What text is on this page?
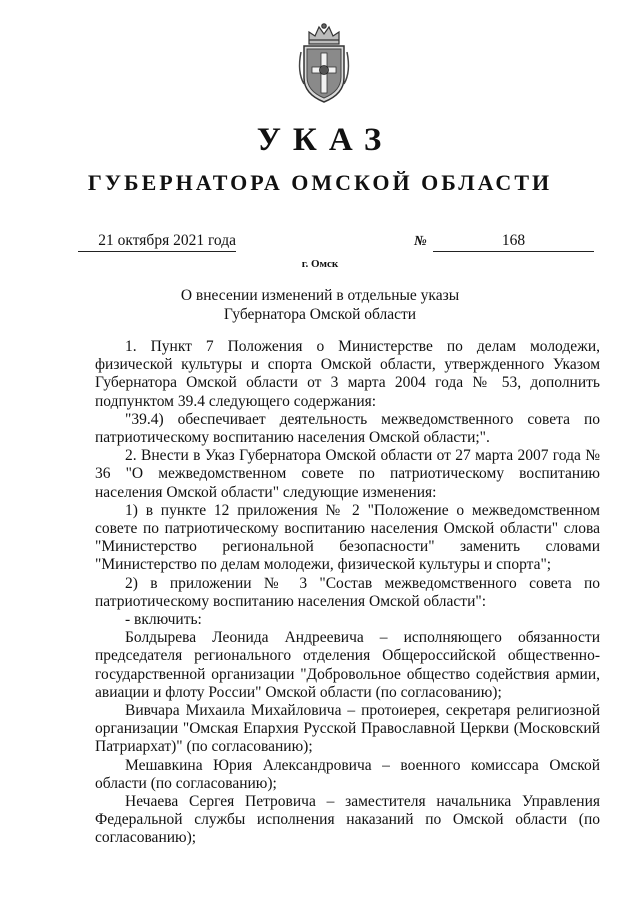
УКАЗ
ГУБЕРНАТОРА ОМСКОЙ ОБЛАСТИ
21 октября 2021 года	№	168
г. Омск
О внесении изменений в отдельные указы
Губернатора Омской области

1. Пункт 7 Положения о Министерстве по делам молодежи, физической культуры и спорта Омской области, утвержденного Указом Губернатора Омской области от 3 марта 2004 года № 53, дополнить подпунктом 39.4 следующего содержания:

"39.4) обеспечивает деятельность межведомственного совета по патриотическому воспитанию населения Омской области;".

2. Внести в Указ Губернатора Омской области от 27 марта 2007 года № 36 "О межведомственном совете по патриотическому воспитанию населения Омской области" следующие изменения:

1) в пункте 12 приложения № 2 "Положение о межведомственном совете по патриотическому воспитанию населения Омской области" слова "Министерство региональной безопасности" заменить словами "Министерство по делам молодежи, физической культуры и спорта";

2) в приложении № 3 "Состав межведомственного совета по патриотическому воспитанию населения Омской области":

- включить:

Болдырева Леонида Андреевича – исполняющего обязанности председателя регионального отделения Общероссийской общественно-государственной организации "Добровольное общество содействия армии, авиации и флоту России" Омской области (по согласованию);

Вивчара Михаила Михайловича – протоиерея, секретаря религиозной организации "Омская Епархия Русской Православной Церкви (Московский Патриархат)" (по согласованию);

Мешавкина Юрия Александровича – военного комиссара Омской области (по согласованию);

Нечаева Сергея Петровича – заместителя начальника Управления Федеральной службы исполнения наказаний по Омской области (по согласованию);
